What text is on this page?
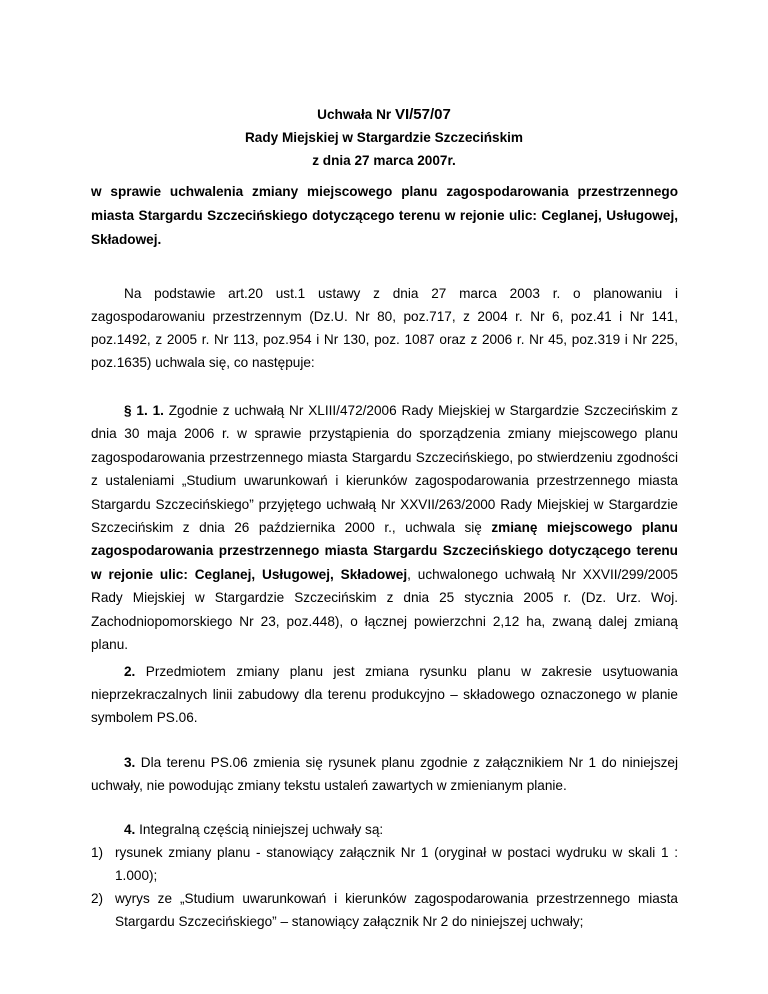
Uchwała Nr VI/57/07
Rady Miejskiej w Stargardzie Szczecińskim
z dnia 27 marca 2007r.
w sprawie uchwalenia zmiany miejscowego planu zagospodarowania przestrzennego miasta Stargardu Szczecińskiego dotyczącego terenu w rejonie ulic: Ceglanej, Usługowej, Składowej.
Na podstawie art.20 ust.1 ustawy z dnia 27 marca 2003 r. o planowaniu i zagospodarowaniu przestrzennym (Dz.U. Nr 80, poz.717, z 2004 r. Nr 6, poz.41 i Nr 141, poz.1492, z 2005 r. Nr 113, poz.954 i Nr 130, poz. 1087 oraz z 2006 r. Nr 45, poz.319 i Nr 225, poz.1635) uchwala się, co następuje:
§ 1. 1. Zgodnie z uchwałą Nr XLIII/472/2006 Rady Miejskiej w Stargardzie Szczecińskim z dnia 30 maja 2006 r. w sprawie przystąpienia do sporządzenia zmiany miejscowego planu zagospodarowania przestrzennego miasta Stargardu Szczecińskiego, po stwierdzeniu zgodności z ustaleniami „Studium uwarunkowań i kierunków zagospodarowania przestrzennego miasta Stargardu Szczecińskiego” przyjętego uchwałą Nr XXVII/263/2000 Rady Miejskiej w Stargardzie Szczecińskim z dnia 26 października 2000 r., uchwala się zmianę miejscowego planu zagospodarowania przestrzennego miasta Stargardu Szczecińskiego dotyczącego terenu w rejonie ulic: Ceglanej, Usługowej, Składowej, uchwalonego uchwałą Nr XXVII/299/2005 Rady Miejskiej w Stargardzie Szczecińskim z dnia 25 stycznia 2005 r. (Dz. Urz. Woj. Zachodniopomorskiego Nr 23, poz.448), o łącznej powierzchni 2,12 ha, zwaną dalej zmianą planu.
2. Przedmiotem zmiany planu jest zmiana rysunku planu w zakresie usytuowania nieprzekraczalnych linii zabudowy dla terenu produkcyjno – składowego oznaczonego w planie symbolem PS.06.
3. Dla terenu PS.06 zmienia się rysunek planu zgodnie z załącznikiem Nr 1 do niniejszej uchwały, nie powodując zmiany tekstu ustaleń zawartych w zmienianym planie.
4. Integralną częścią niniejszej uchwały są:
1) rysunek zmiany planu - stanowiący załącznik Nr 1 (oryginał w postaci wydruku w skali 1 : 1.000);
2) wyrys ze „Studium uwarunkowań i kierunków zagospodarowania przestrzennego miasta Stargardu Szczecińskiego” – stanowiący załącznik Nr 2 do niniejszej uchwały;
